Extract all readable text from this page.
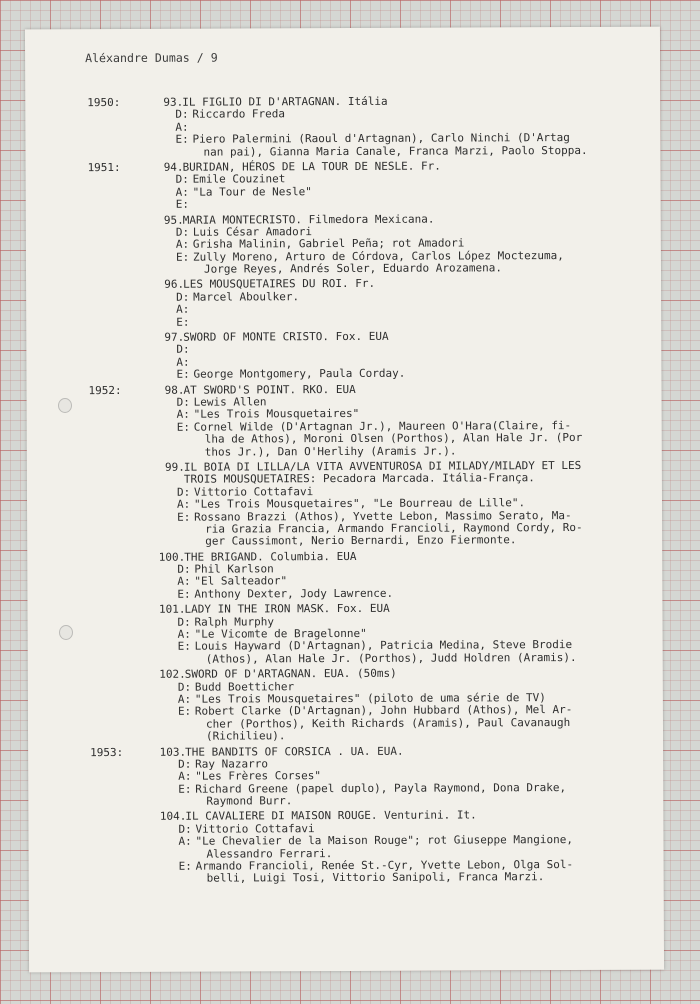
Aléxandre Dumas / 9
1950:	93.
IL FIGLIO DI D'ARTAGNAN. Itália
D: Riccardo Freda
A:
E: Piero Palermini (Raoul d'Artagnan), Carlo Ninchi (D'Artag
nan pai), Gianna Maria Canale, Franca Marzi, Paolo Stoppa.
1951:	94.
BURIDAN, HÉROS DE LA TOUR DE NESLE. Fr.
D: Emile Couzinet
A: "La Tour de Nesle"
E:
95.
MARIA MONTECRISTO. Filmedora Mexicana.
D: Luis César Amadori
A: Grisha Malinin, Gabriel Peña; rot Amadori
E: Zully Moreno, Arturo de Córdova, Carlos López Moctezuma,
Jorge Reyes, Andrés Soler, Eduardo Arozamena.
96.
LES MOUSQUETAIRES DU ROI. Fr.
D: Marcel Aboulker.
A:
E:
97.
SWORD OF MONTE CRISTO. Fox. EUA
D:
A:
E: George Montgomery, Paula Corday.
1952:	98.
AT SWORD'S POINT. RKO. EUA
D: Lewis Allen
A: "Les Trois Mousquetaires"
E: Cornel Wilde (D'Artagnan Jr.), Maureen O'Hara(Claire, fi-
lha de Athos), Moroni Olsen (Porthos), Alan Hale Jr. (Por
thos Jr.), Dan O'Herlihy (Aramis Jr.).
99.
IL BOIA DI LILLA/LA VITA AVVENTUROSA DI MILADY/MILADY ET LES
TROIS MOUSQUETAIRES: Pecadora Marcada. Itália-França.
D: Vittorio Cottafavi
A: "Les Trois Mousquetaires", "Le Bourreau de Lille".
E: Rossano Brazzi (Athos), Yvette Lebon, Massimo Serato, Ma-
ria Grazia Francia, Armando Francioli, Raymond Cordy, Ro-
ger Caussimont, Nerio Bernardi, Enzo Fiermonte.
100.
THE BRIGAND. Columbia. EUA
D: Phil Karlson
A: "El Salteador"
E: Anthony Dexter, Jody Lawrence.
101.
LADY IN THE IRON MASK. Fox. EUA
D: Ralph Murphy
A: "Le Vicomte de Bragelonne"
E: Louis Hayward (D'Artagnan), Patricia Medina, Steve Brodie
(Athos), Alan Hale Jr. (Porthos), Judd Holdren (Aramis).
102.
SWORD OF D'ARTAGNAN. EUA. (50ms)
D: Budd Boetticher
A: "Les Trois Mousquetaires" (piloto de uma série de TV)
E: Robert Clarke (D'Artagnan), John Hubbard (Athos), Mel Ar-
cher (Porthos), Keith Richards (Aramis), Paul Cavanaugh
(Richilieu).
1953:	103.
THE BANDITS OF CORSICA . UA. EUA.
D: Ray Nazarro
A: "Les Frères Corses"
E: Richard Greene (papel duplo), Payla Raymond, Dona Drake,
Raymond Burr.
104.
IL CAVALIERE DI MAISON ROUGE. Venturini. It.
D: Vittorio Cottafavi
A: "Le Chevalier de la Maison Rouge"; rot Giuseppe Mangione,
Alessandro Ferrari.
E: Armando Francioli, Renée St.-Cyr, Yvette Lebon, Olga Sol-
belli, Luigi Tosi, Vittorio Sanipoli, Franca Marzi.
